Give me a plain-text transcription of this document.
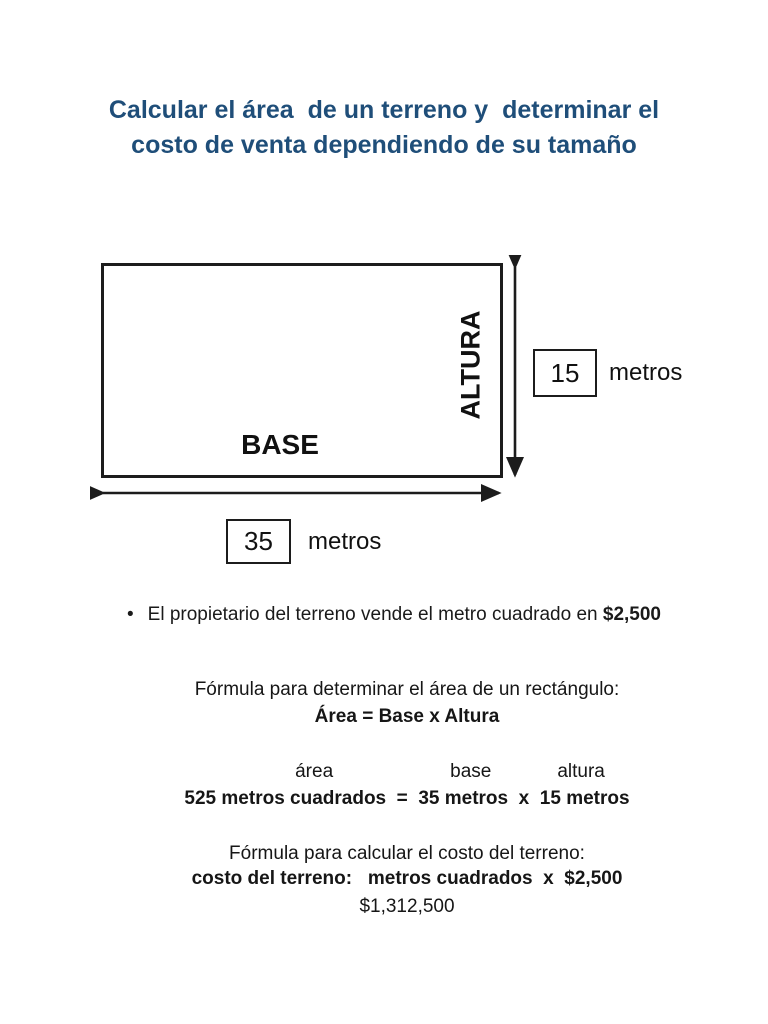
Calcular el área  de un terreno y  determinar el
costo de venta dependiendo de su tamaño
BASE
ALTURA	15 metros
35 metros
• El propietario del terreno vende el metro cuadrado en $2,500
Fórmula para determinar el área de un rectángulo:
Área = Base x Altura
área	base	altura
525 metros cuadrados  =  35 metros  x  15 metros
Fórmula para calcular el costo del terreno:
costo del terreno:   metros cuadrados  x  $2,500
$1,312,500
